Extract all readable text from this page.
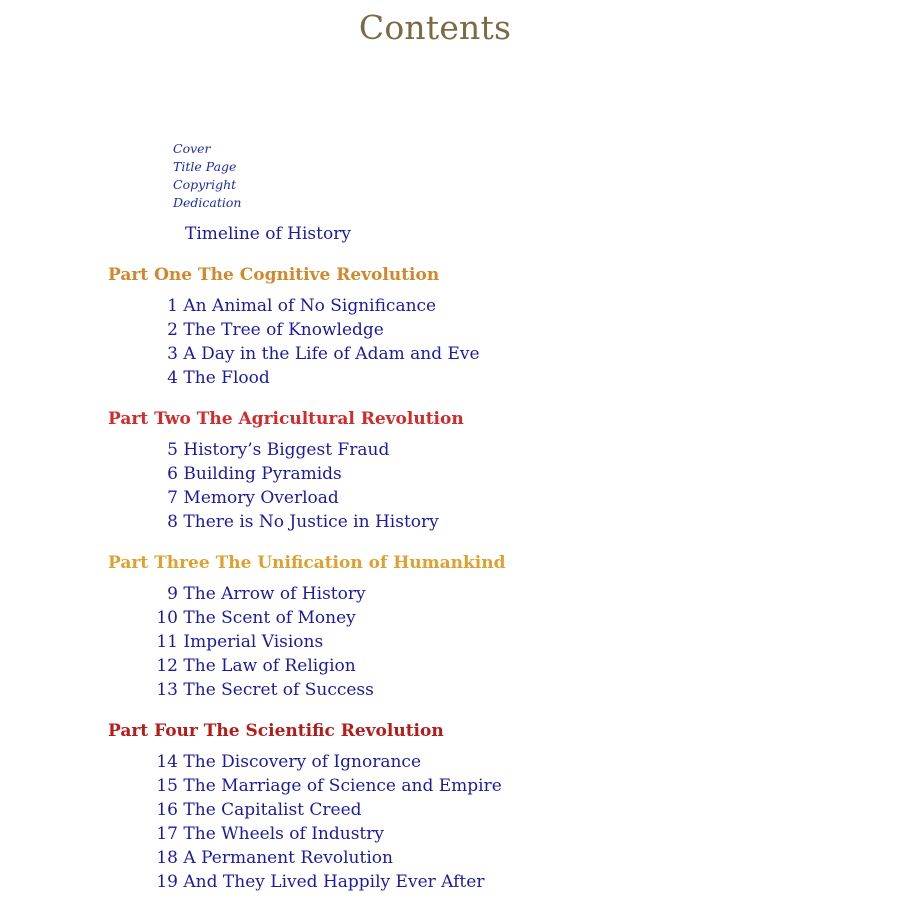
Contents
Cover
Title Page
Copyright
Dedication
Timeline of History
Part One The Cognitive Revolution
1 An Animal of No Significance
2 The Tree of Knowledge
3 A Day in the Life of Adam and Eve
4 The Flood
Part Two The Agricultural Revolution
5 History’s Biggest Fraud
6 Building Pyramids
7 Memory Overload
8 There is No Justice in History
Part Three The Unification of Humankind
9 The Arrow of History
10 The Scent of Money
11 Imperial Visions
12 The Law of Religion
13 The Secret of Success
Part Four The Scientific Revolution
14 The Discovery of Ignorance
15 The Marriage of Science and Empire
16 The Capitalist Creed
17 The Wheels of Industry
18 A Permanent Revolution
19 And They Lived Happily Ever After
